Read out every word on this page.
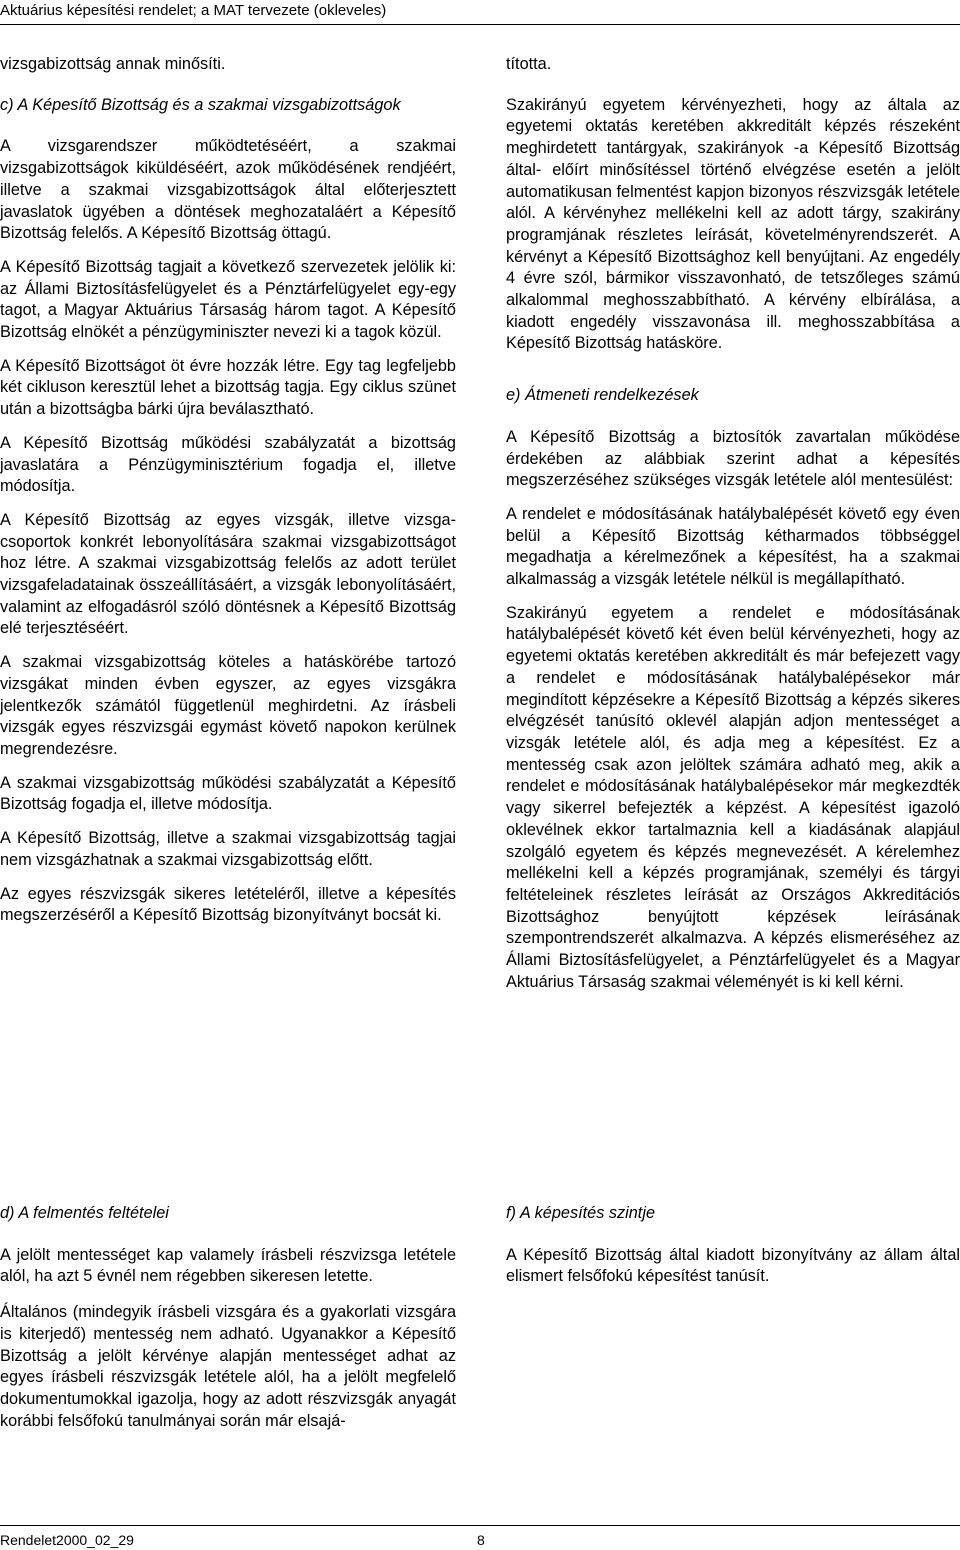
Aktuárius képesítési rendelet; a MAT tervezete (okleveles)

vizsgabizottság annak minősíti.

c) A Képesítő Bizottság és a szakmai vizsgabizottságok

A vizsgarendszer működtetéséért, a szakmai vizsgabizottságok kiküldéséért, azok működésének rendjéért, illetve a szakmai vizsgabizottságok által előterjesztett javaslatok ügyében a döntések meghozataláért a Képesítő Bizottság felelős. A Képesítő Bizottság öttagú.

A Képesítő Bizottság tagjait a következő szervezetek jelölik ki: az Állami Biztosításfelügyelet és a Pénztárfelügyelet egy-egy tagot, a Magyar Aktuárius Társaság három tagot. A Képesítő Bizottság elnökét a pénzügyminiszter nevezi ki a tagok közül.

A Képesítő Bizottságot öt évre hozzák létre. Egy tag legfeljebb két cikluson keresztül lehet a bizottság tagja. Egy ciklus szünet után a bizottságba bárki újra beválasztható.

A Képesítő Bizottság működési szabályzatát a bizottság javaslatára a Pénzügyminisztérium fogadja el, illetve módosítja.

A Képesítő Bizottság az egyes vizsgák, illetve vizsga-csoportok konkrét lebonyolítására szakmai vizsgabizottságot hoz létre. A szakmai vizsgabizottság felelős az adott terület vizsgafeladatainak összeállításáért, a vizsgák lebonyolításáért, valamint az elfogadásról szóló döntésnek a Képesítő Bizottság elé terjesztéséért.

A szakmai vizsgabizottság köteles a hatáskörébe tartozó vizsgákat minden évben egyszer, az egyes vizsgákra jelentkezők számától függetlenül meghirdetni. Az írásbeli vizsgák egyes részvizsgái egymást követő napokon kerülnek megrendezésre.

A szakmai vizsgabizottság működési szabályzatát a Képesítő Bizottság fogadja el, illetve módosítja.

A Képesítő Bizottság, illetve a szakmai vizsgabizottság tagjai nem vizsgázhatnak a szakmai vizsgabizottság előtt.

Az egyes részvizsgák sikeres letételéről, illetve a képesítés megszerzéséről a Képesítő Bizottság bizonyítványt bocsát ki.

tította.

Szakirányú egyetem kérvényezheti, hogy az általa az egyetemi oktatás keretében akkreditált képzés részeként meghirdetett tantárgyak, szakirányok -a Képesítő Bizottság által- előírt minősítéssel történő elvégzése esetén a jelölt automatikusan felmentést kapjon bizonyos részvizsgák letétele alól. A kérvényhez mellékelni kell az adott tárgy, szakirány programjának részletes leírását, követelményrendszerét. A kérvényt a Képesítő Bizottsághoz kell benyújtani. Az engedély 4 évre szól, bármikor visszavonható, de tetszőleges számú alkalommal meghosszabbítható. A kérvény elbírálása, a kiadott engedély visszavonása ill. meghosszabbítása a Képesítő Bizottság hatásköre.

e) Átmeneti rendelkezések

A Képesítő Bizottság a biztosítók zavartalan működése érdekében az alábbiak szerint adhat a képesítés megszerzéséhez szükséges vizsgák letétele alól mentesülést:

A rendelet e módosításának hatálybalépését követő egy éven belül a Képesítő Bizottság kétharmados többséggel megadhatja a kérelmezőnek a képesítést, ha a szakmai alkalmasság a vizsgák letétele nélkül is megállapítható.

Szakirányú egyetem a rendelet e módosításának hatálybalépését követő két éven belül kérvényezheti, hogy az egyetemi oktatás keretében akkreditált és már befejezett vagy a rendelet e módosításának hatálybalépésekor már megindított képzésekre a Képesítő Bizottság a képzés sikeres elvégzését tanúsító oklevél alapján adjon mentességet a vizsgák letétele alól, és adja meg a képesítést. Ez a mentesség csak azon jelöltek számára adható meg, akik a rendelet e módosításának hatálybalépésekor már megkezdték vagy sikerrel befejezték a képzést. A képesítést igazoló oklevélnek ekkor tartalmaznia kell a kiadásának alapjául szolgáló egyetem és képzés megnevezését. A kérelemhez mellékelni kell a képzés programjának, személyi és tárgyi feltételeinek részletes leírását az Országos Akkreditációs Bizottsághoz benyújtott képzések leírásának szempontrendszerét alkalmazva. A képzés elismeréséhez az Állami Biztosításfelügyelet, a Pénztárfelügyelet és a Magyar Aktuárius Társaság szakmai véleményét is ki kell kérni.

d) A felmentés feltételei

A jelölt mentességet kap valamely írásbeli részvizsga letétele alól, ha azt 5 évnél nem régebben sikeresen letette.

Általános (mindegyik írásbeli vizsgára és a gyakorlati vizsgára is kiterjedő) mentesség nem adható. Ugyanakkor a Képesítő Bizottság a jelölt kérvénye alapján mentességet adhat az egyes írásbeli részvizsgák letétele alól, ha a jelölt megfelelő dokumentumokkal igazolja, hogy az adott részvizsgák anyagát korábbi felsőfokú tanulmányai során már elsajá-

f) A képesítés szintje

A Képesítő Bizottság által kiadott bizonyítvány az állam által elismert felsőfokú képesítést tanúsít.

Rendelet2000_02_29	8
